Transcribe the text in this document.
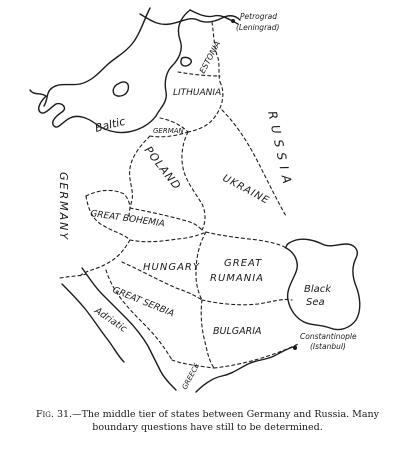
Petrograd
(Leningrad)
Constantinople
(Istanbul)
ESTONIA
LITHUANIA
GERMAN
POLAND	UKRAINE
RUSSIA
GERMANY GREAT BOHEMIA
HUNGARY GREAT
RUMANIA
GREAT SERBIA
BULGARIA
GREECE
Baltic
Adriatic
Black
Sea
Fig. 31.—The middle tier of states between Germany and Russia. Many
boundary questions have still to be determined.
